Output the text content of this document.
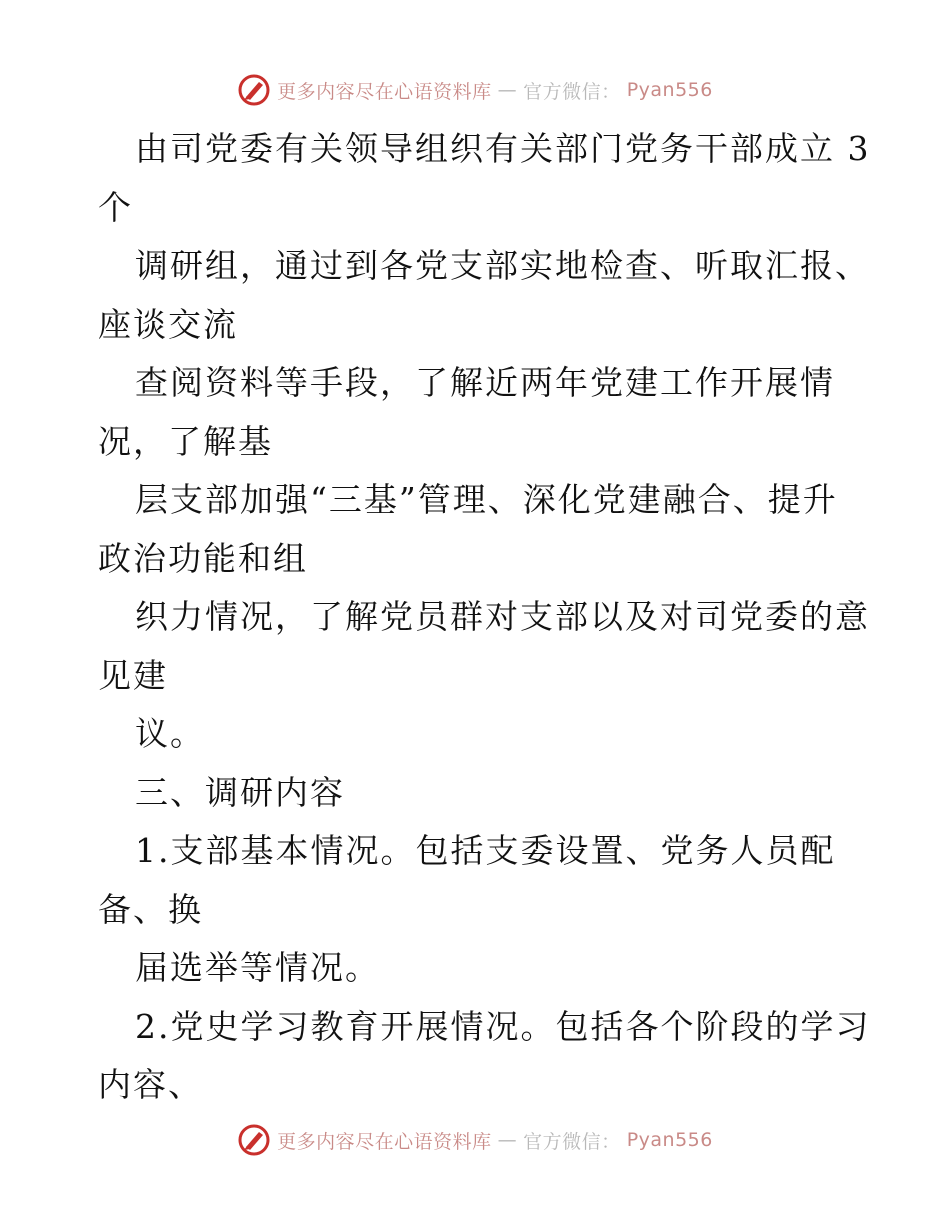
更多内容尽在心语资料库 — 官方微信： Pyan556
由司党委有关领导组织有关部门党务干部成立 3
个
调研组，通过到各党支部实地检查、听取汇报、
座谈交流
查阅资料等手段，了解近两年党建工作开展情
况，了解基
层支部加强“三基”管理、深化党建融合、提升
政治功能和组
织力情况，了解党员群对支部以及对司党委的意
见建
议。
三、调研内容
1.支部基本情况。包括支委设置、党务人员配
备、换
届选举等情况。
2.党史学习教育开展情况。包括各个阶段的学习
内容、
更多内容尽在心语资料库 — 官方微信： Pyan556
